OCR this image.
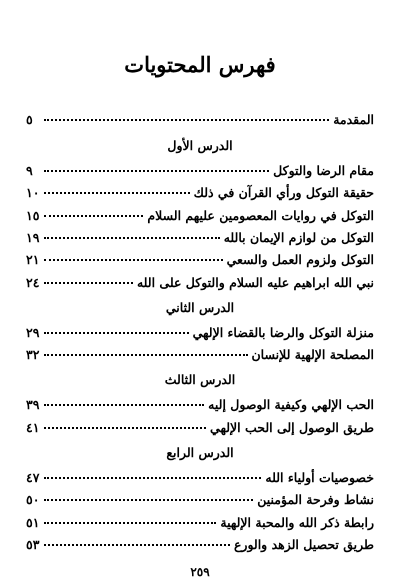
فهرس المحتويات
المقدمة
٥
الدرس الأول
مقام الرضا والتوكل
٩
حقيقة التوكل ورأي القرآن في ذلك
١٠
التوكل في روايات المعصومين عليهم السلام
١٥
التوكل من لوازم الإيمان بالله
١٩
التوكل ولزوم العمل والسعي
٢١
نبي الله ابراهيم عليه السلام والتوكل على الله
٢٤
الدرس الثاني
منزلة التوكل والرضا بالقضاء الإلهي
٢٩
المصلحة الإلهية للإنسان
٣٢
الدرس الثالث
الحب الإلهي وكيفية الوصول إليه
٣٩
طريق الوصول إلى الحب الإلهي
٤١
الدرس الرابع
خصوصيات أولياء الله
٤٧
نشاط وفرحة المؤمنين
٥٠
رابطة ذكر الله والمحبة الإلهية
٥١
طريق تحصيل الزهد والورع
٥٣
٢٥٩
